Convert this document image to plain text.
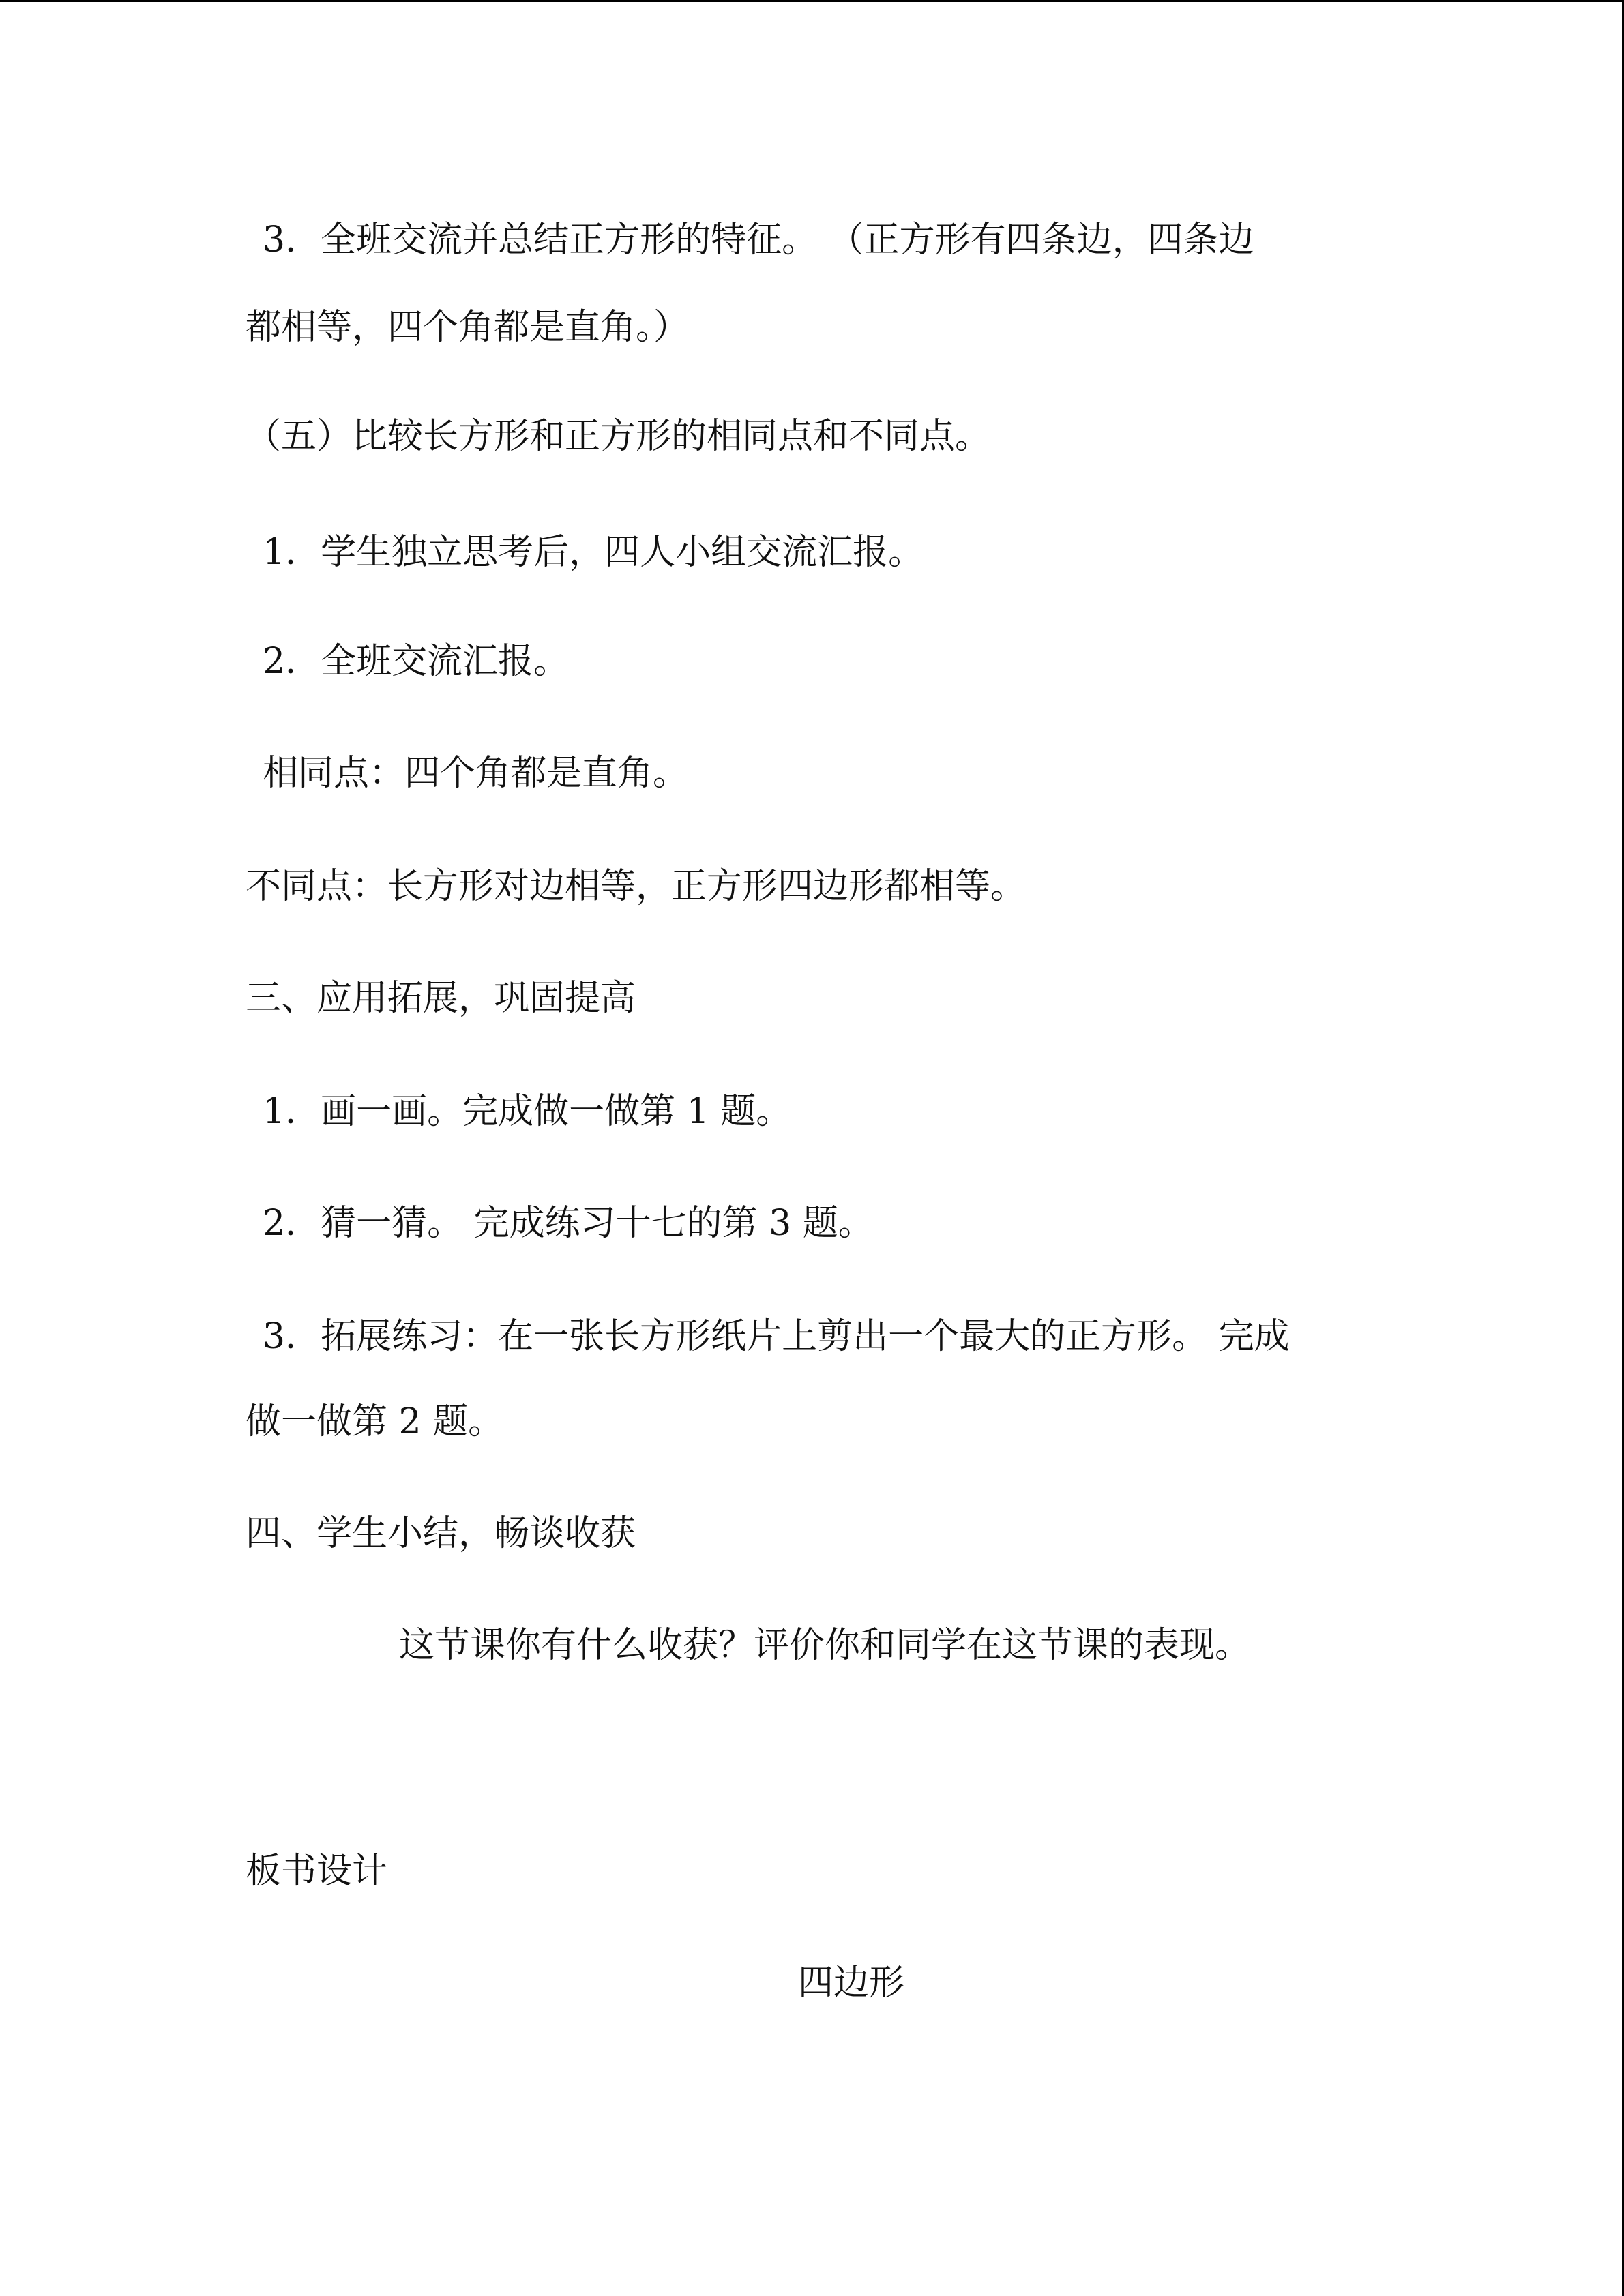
3．全班交流并总结正方形的特征。 （正方形有四条边，四条边
都相等，四个角都是直角。）
（五）比较长方形和正方形的相同点和不同点。
1．学生独立思考后，四人小组交流汇报。
2．全班交流汇报。
相同点：四个角都是直角。
不同点：长方形对边相等，正方形四边形都相等。
三、应用拓展，巩固提高
1．画一画。完成做一做第 1 题。
2．猜一猜。 完成练习十七的第 3 题。
3．拓展练习：在一张长方形纸片上剪出一个最大的正方形。 完成
做一做第 2 题。
四、学生小结，畅谈收获
这节课你有什么收获？评价你和同学在这节课的表现。
板书设计
四边形
